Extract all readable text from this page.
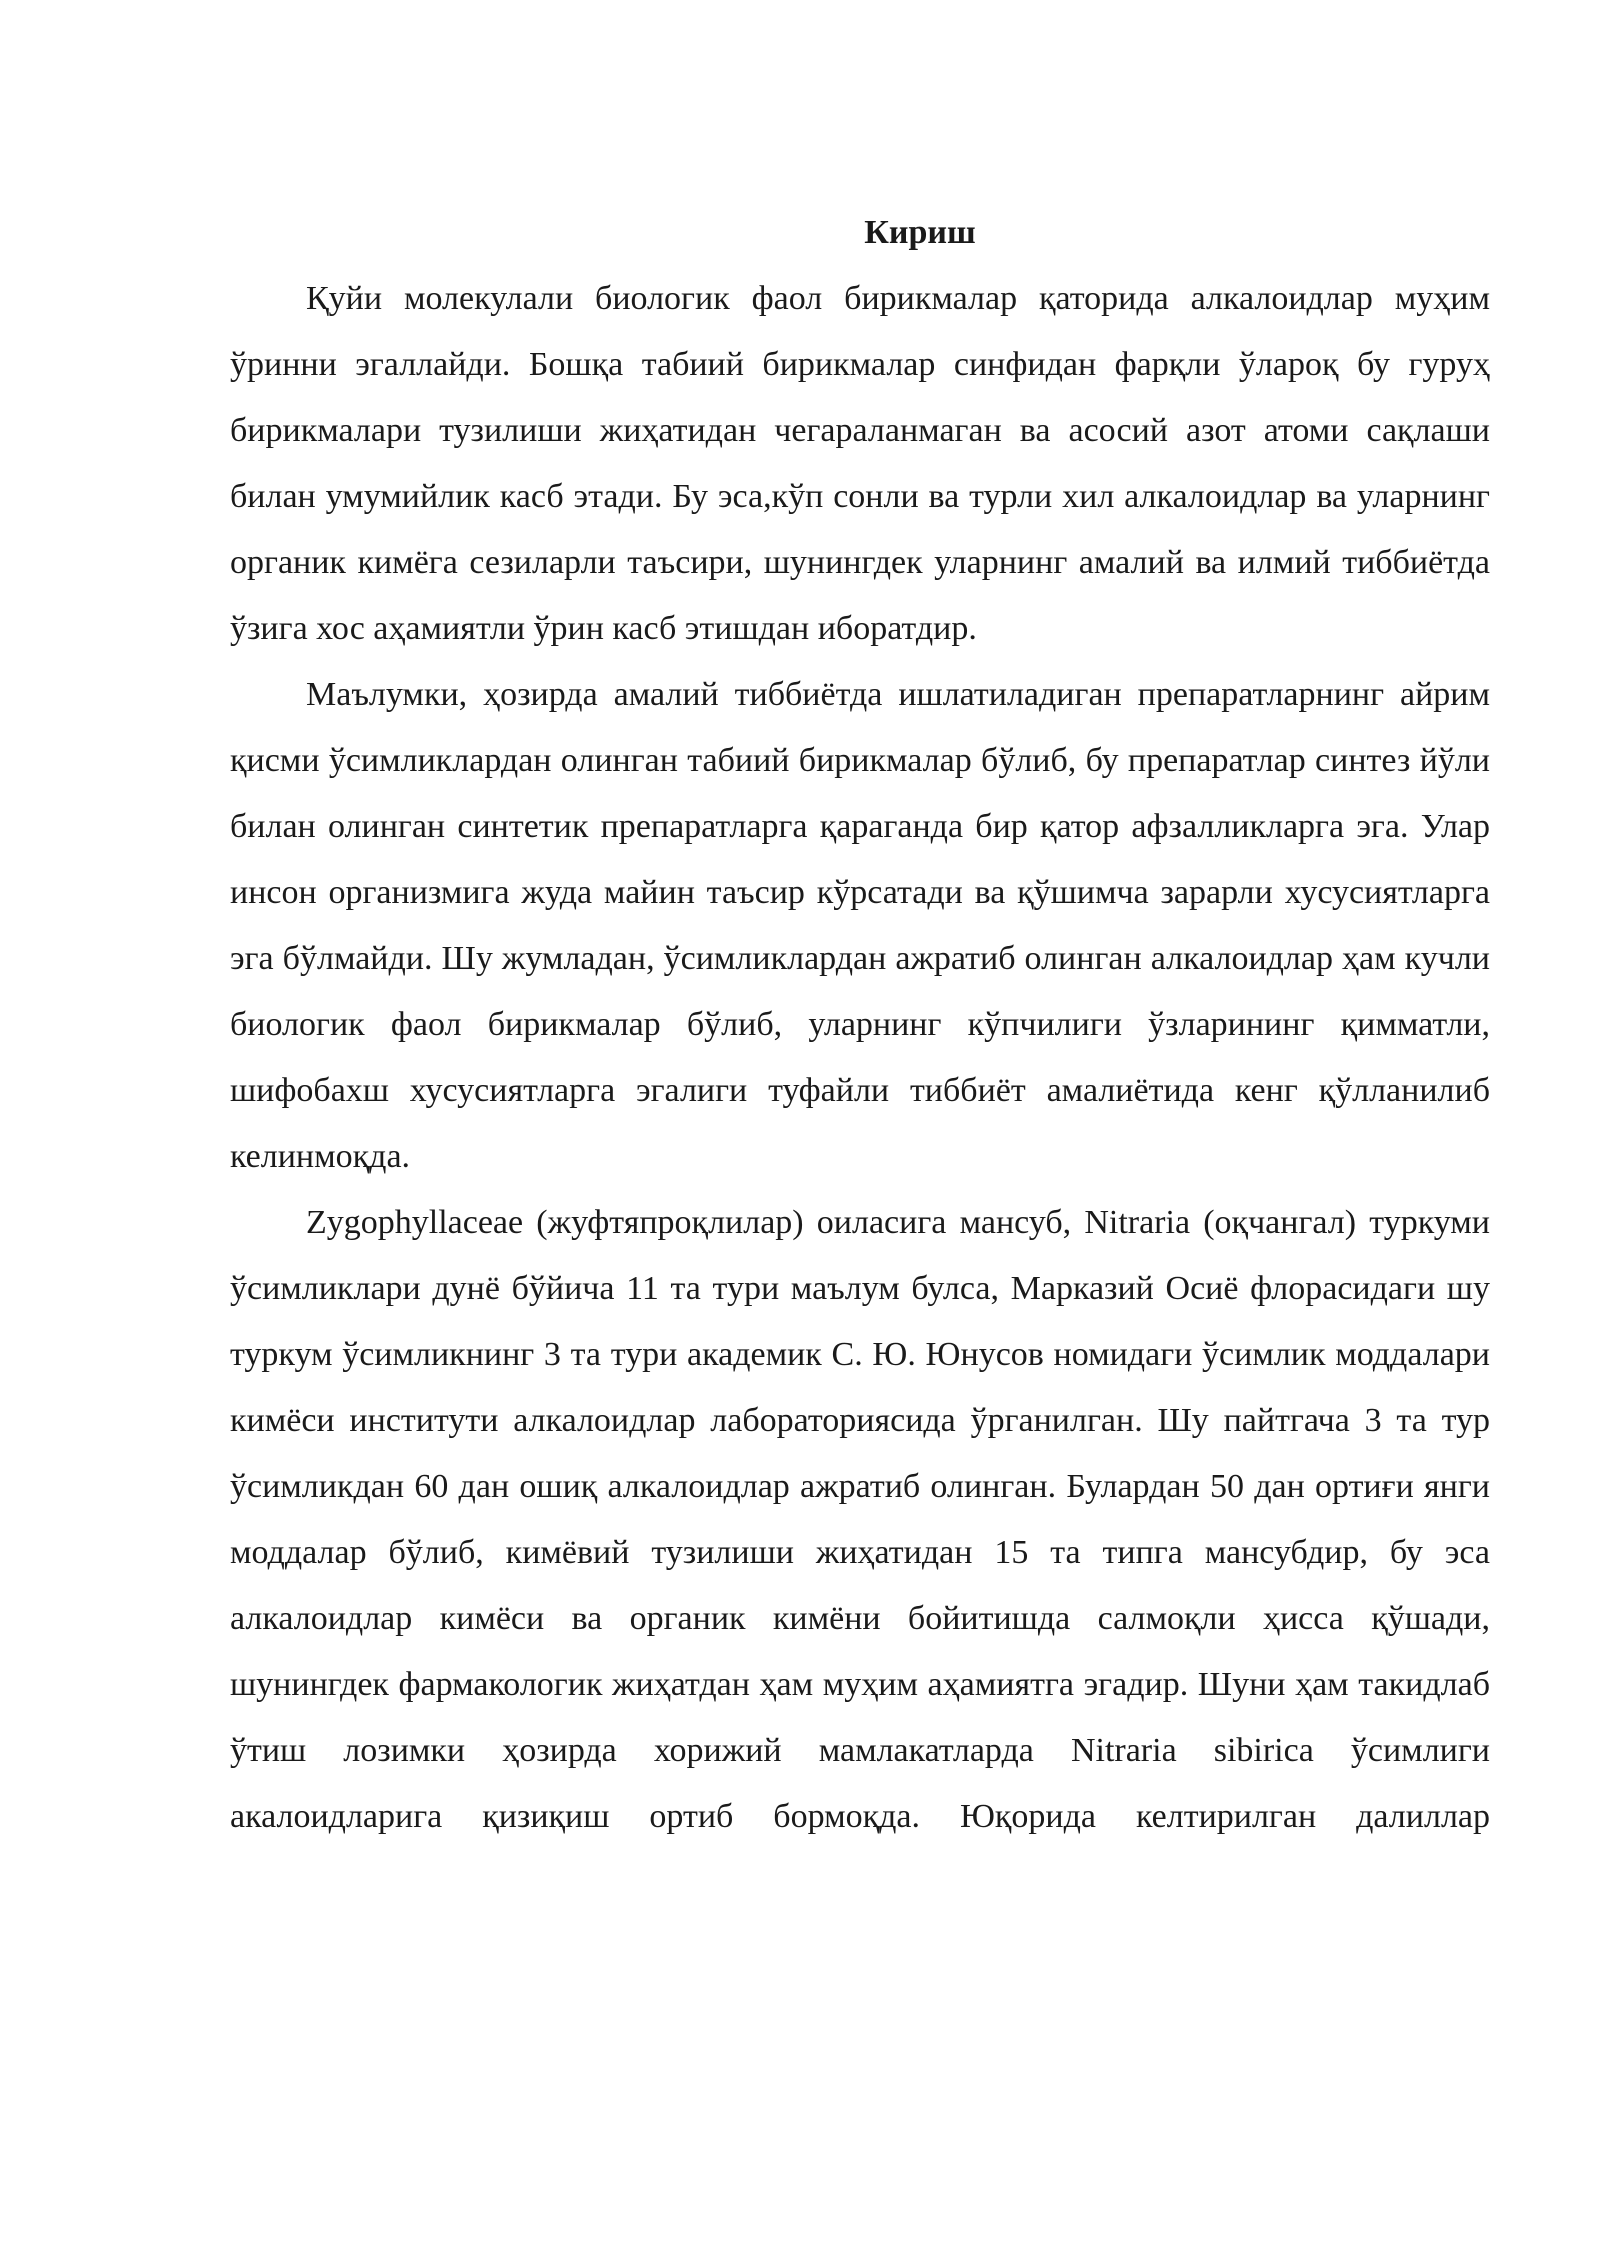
Кириш

Қуйи молекулали биологик фаол бирикмалар қаторида алкалоидлар муҳим ўринни эгаллайди. Бошқа табиий бирикмалар синфидан фарқли ўлароқ бу гуруҳ бирикмалари тузилиши жиҳатидан чегараланмаган ва асосий азот атоми сақлаши билан умумийлик касб этади. Бу эса,кўп сонли ва турли хил алкалоидлар ва уларнинг органик кимёга сезиларли таъсири, шунингдек уларнинг амалий ва илмий тиббиётда ўзига хос аҳамиятли ўрин касб этишдан иборатдир.

Маълумки, ҳозирда амалий тиббиётда ишлатиладиган препаратларнинг айрим қисми ўсимликлардан олинган табиий бирикмалар бўлиб, бу препаратлар синтез йўли билан олинган синтетик препаратларга қараганда бир қатор афзалликларга эга. Улар инсон организмига жуда майин таъсир кўрсатади ва қўшимча зарарли хусусиятларга эга бўлмайди. Шу жумладан, ўсимликлардан ажратиб олинган алкалоидлар ҳам кучли биологик фаол бирикмалар бўлиб, уларнинг кўпчилиги ўзларининг қимматли, шифобахш хусусиятларга эгалиги туфайли тиббиёт амалиётида кенг қўлланилиб келинмоқда.

Zygophyllaceae (жуфтяпроқлилар) оиласига мансуб, Nitraria (оқчангал) туркуми ўсимликлари дунё бўйича 11 та тури маълум булса, Марказий Осиё флорасидаги шу туркум ўсимликнинг 3 та тури академик С. Ю. Юнусов номидаги ўсимлик моддалари кимёси институти алкалоидлар лабораториясида ўрганилган. Шу пайтгача 3 та тур ўсимликдан 60 дан ошиқ алкалоидлар ажратиб олинган. Булардан 50 дан ортиғи янги моддалар бўлиб, кимёвий тузилиши жиҳатидан 15 та типга мансубдир, бу эса алкалоидлар кимёси ва органик кимёни бойитишда салмоқли ҳисса қўшади, шунингдек фармакологик жиҳатдан ҳам муҳим аҳамиятга эгадир. Шуни ҳам такидлаб ўтиш лозимки ҳозирда хорижий мамлакатларда Nitraria sibirica ўсимлиги акалоидларига қизиқиш ортиб бормоқда. Юқорида келтирилган далиллар
